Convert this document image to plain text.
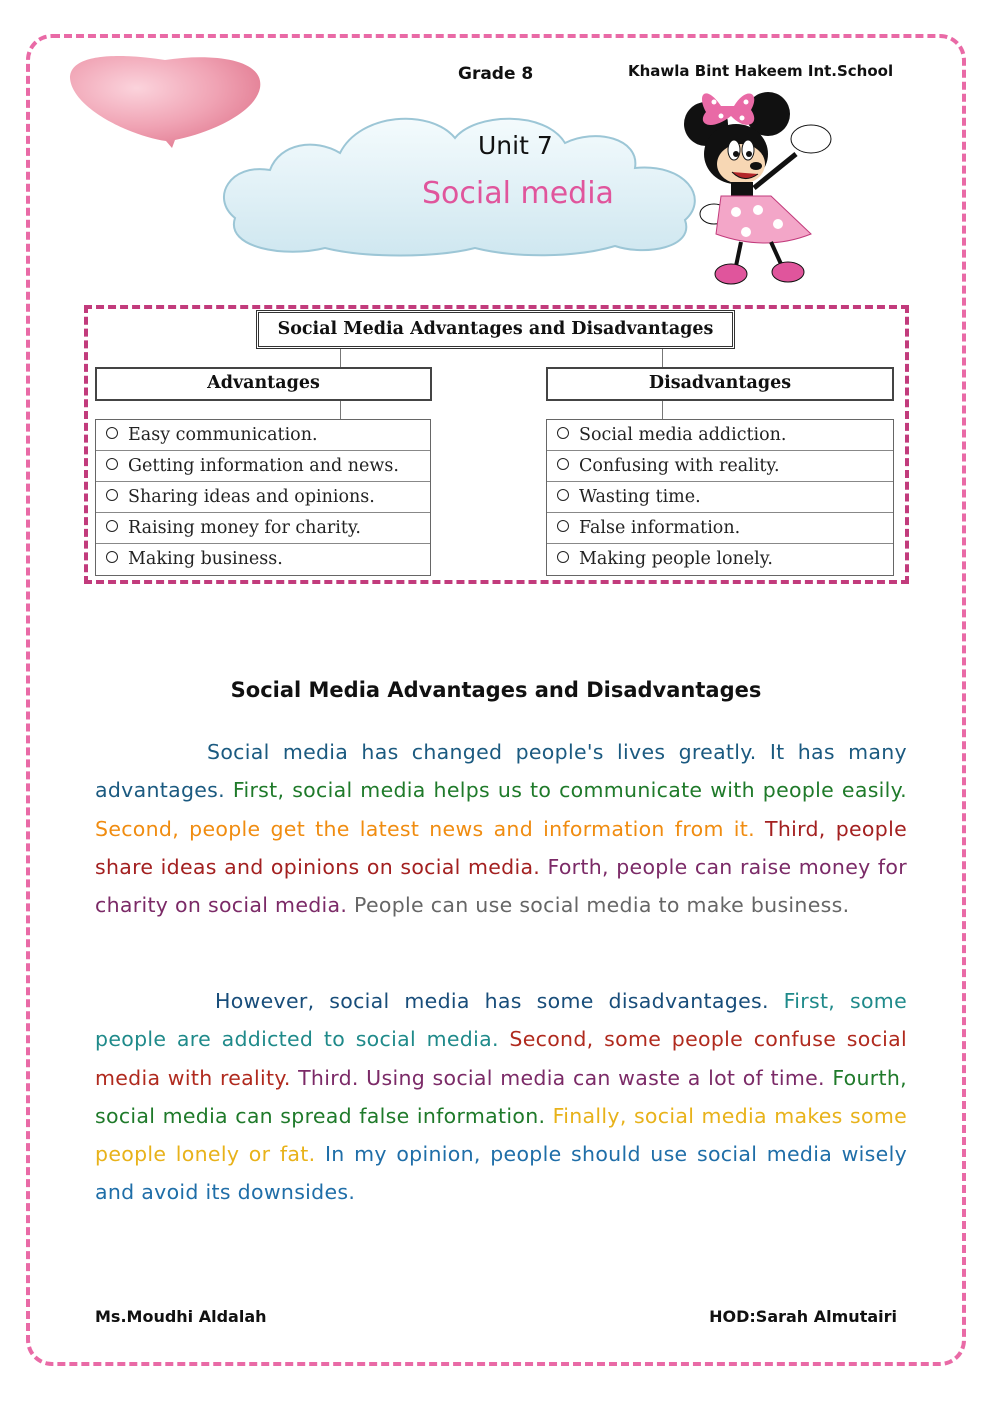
Grade 8	Khawla Bint Hakeem Int.School
Unit 7
Social media
Social Media Advantages and Disadvantages
Advantages	Disadvantages
Easy communication.
Getting information and news.
Sharing ideas and opinions.
Raising money for charity.
Making business.
Social media addiction.
Confusing with reality.
Wasting time.
False information.
Making people lonely.
Social Media Advantages and Disadvantages
Social media has changed people's lives greatly. It has many advantages. First, social media helps us to communicate with people easily. Second, people get the latest news and information from it. Third, people share ideas and opinions on social media. Forth, people can raise money for charity on social media. People can use social media to make business.
However, social media has some disadvantages. First, some people are addicted to social media. Second, some people confuse social media with reality. Third. Using social media can waste a lot of time. Fourth, social media can spread false information. Finally, social media makes some people lonely or fat. In my opinion, people should use social media wisely and avoid its downsides.
Ms.Moudhi Aldalah	HOD:Sarah Almutairi
